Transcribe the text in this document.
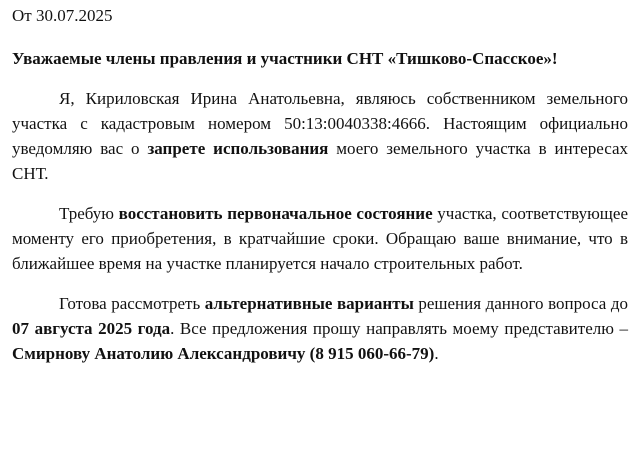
От 30.07.2025

Уважаемые члены правления и участники СНТ «Тишково-Спасское»!

Я, Кириловская Ирина Анатольевна, являюсь собственником земельного участка с кадастровым номером 50:13:0040338:4666. Настоящим официально уведомляю вас о запрете использования моего земельного участка в интересах СНТ.

Требую восстановить первоначальное состояние участка, соответствующее моменту его приобретения, в кратчайшие сроки. Обращаю ваше внимание, что в ближайшее время на участке планируется начало строительных работ.

Готова рассмотреть альтернативные варианты решения данного вопроса до 07 августа 2025 года. Все предложения прошу направлять моему представителю – Смирнову Анатолию Александровичу (8 915 060-66-79).
